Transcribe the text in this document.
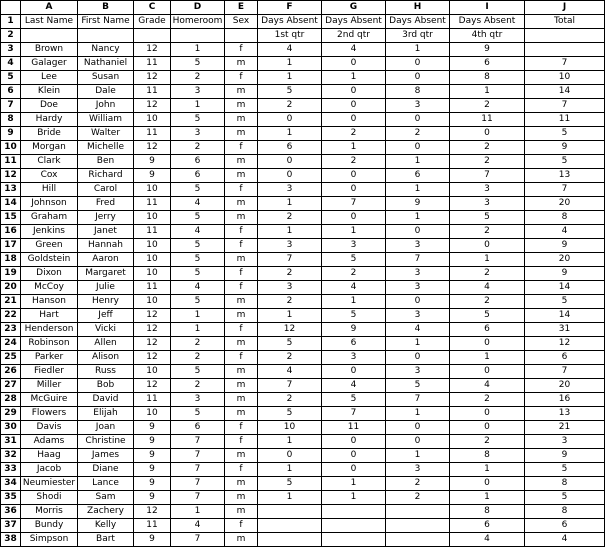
	A	B	C	D	E	F	G	H	I	J
1	Last Name	First Name	Grade	Homeroom	Sex	Days Absent	Days Absent	Days Absent	Days Absent	Total
2						1st qtr	2nd qtr	3rd qtr	4th qtr	
3	Brown	Nancy	12	1	f	4	4	1	9	
4	Galager	Nathaniel	11	5	m	1	0	0	6	7
5	Lee	Susan	12	2	f	1	1	0	8	10
6	Klein	Dale	11	3	m	5	0	8	1	14
7	Doe	John	12	1	m	2	0	3	2	7
8	Hardy	William	10	5	m	0	0	0	11	11
9	Bride	Walter	11	3	m	1	2	2	0	5
10	Morgan	Michelle	12	2	f	6	1	0	2	9
11	Clark	Ben	9	6	m	0	2	1	2	5
12	Cox	Richard	9	6	m	0	0	6	7	13
13	Hill	Carol	10	5	f	3	0	1	3	7
14	Johnson	Fred	11	4	m	1	7	9	3	20
15	Graham	Jerry	10	5	m	2	0	1	5	8
16	Jenkins	Janet	11	4	f	1	1	0	2	4
17	Green	Hannah	10	5	f	3	3	3	0	9
18	Goldstein	Aaron	10	5	m	7	5	7	1	20
19	Dixon	Margaret	10	5	f	2	2	3	2	9
20	McCoy	Julie	11	4	f	3	4	3	4	14
21	Hanson	Henry	10	5	m	2	1	0	2	5
22	Hart	Jeff	12	1	m	1	5	3	5	14
23	Henderson	Vicki	12	1	f	12	9	4	6	31
24	Robinson	Allen	12	2	m	5	6	1	0	12
25	Parker	Alison	12	2	f	2	3	0	1	6
26	Fiedler	Russ	10	5	m	4	0	3	0	7
27	Miller	Bob	12	2	m	7	4	5	4	20
28	McGuire	David	11	3	m	2	5	7	2	16
29	Flowers	Elijah	10	5	m	5	7	1	0	13
30	Davis	Joan	9	6	f	10	11	0	0	21
31	Adams	Christine	9	7	f	1	0	0	2	3
32	Haag	James	9	7	m	0	0	1	8	9
33	Jacob	Diane	9	7	f	1	0	3	1	5
34	Neumiester	Lance	9	7	m	5	1	2	0	8
35	Shodi	Sam	9	7	m	1	1	2	1	5
36	Morris	Zachery	12	1	m				8	8
37	Bundy	Kelly	11	4	f				6	6
38	Simpson	Bart	9	7	m				4	4
